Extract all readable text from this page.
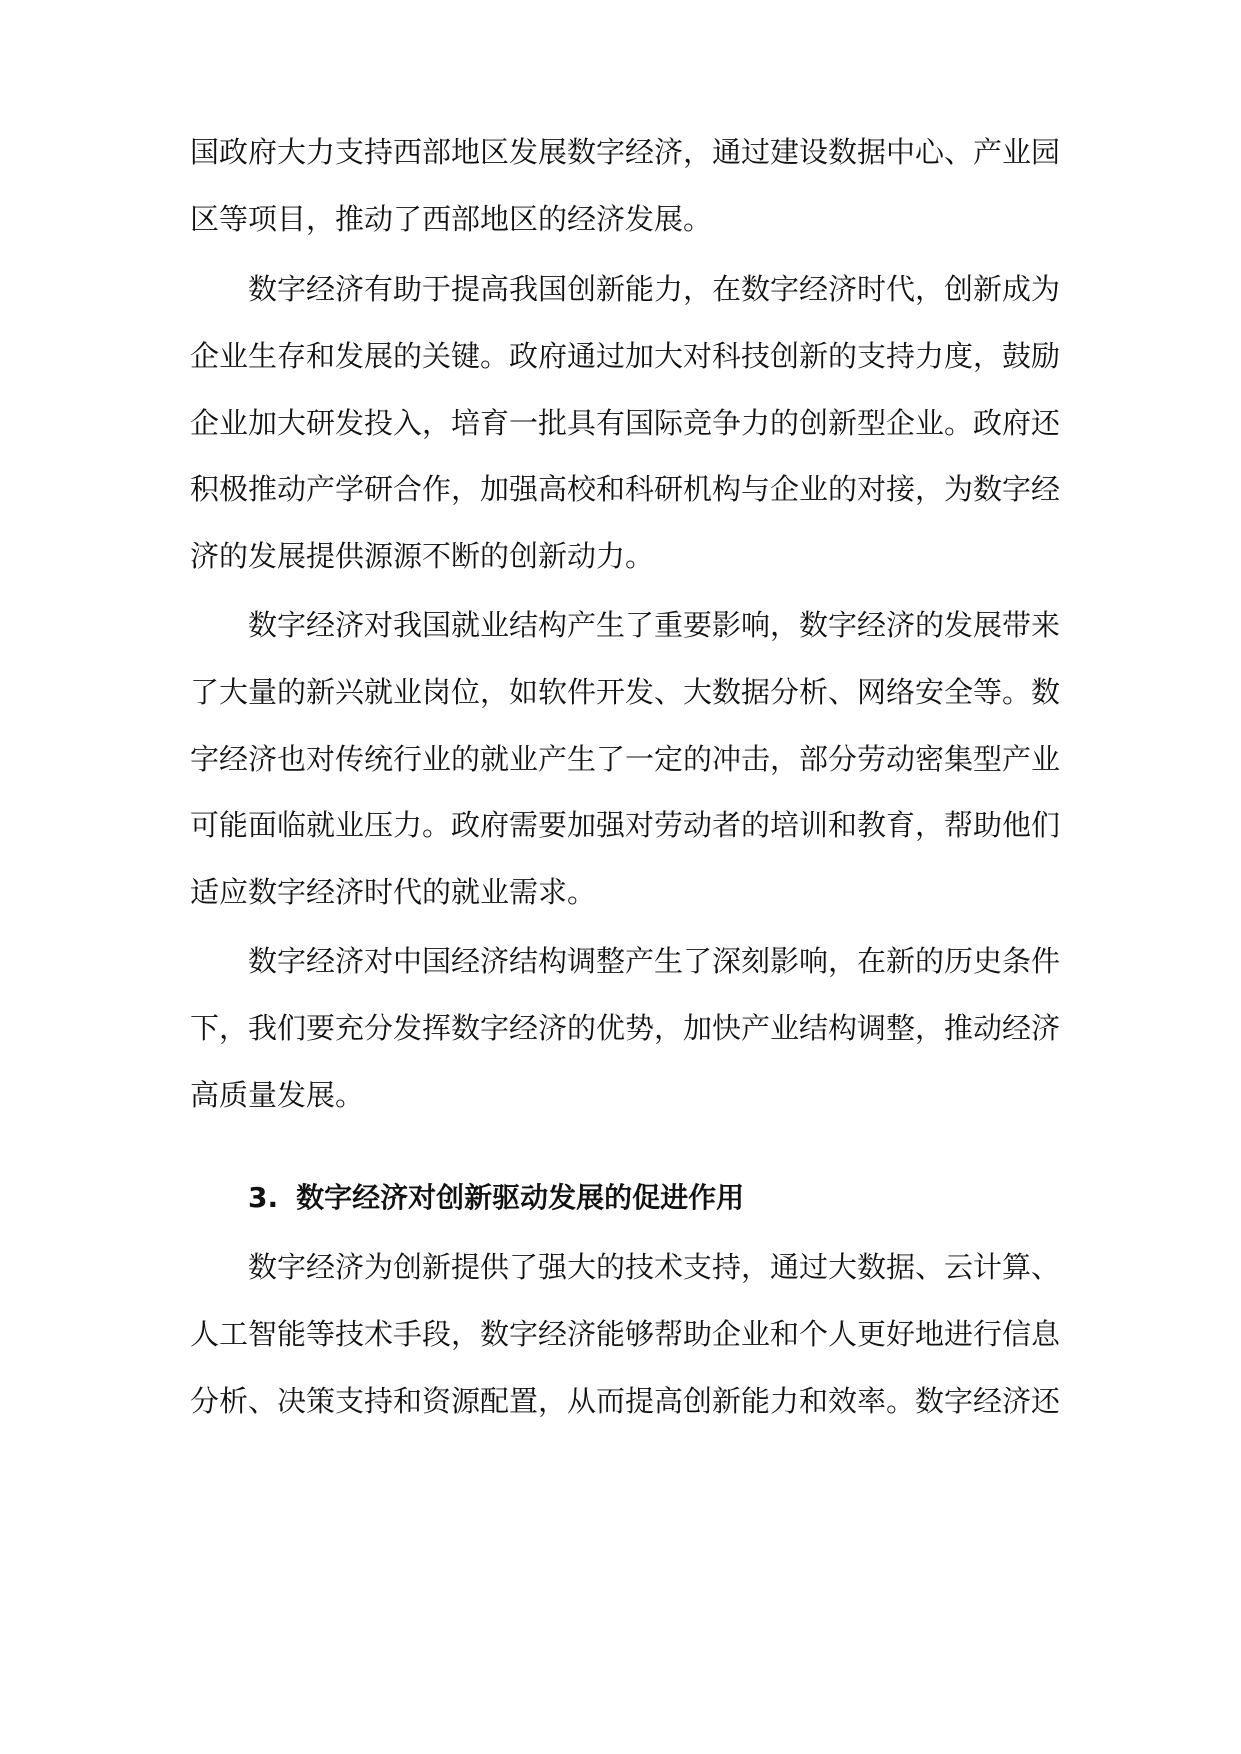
国政府大力支持西部地区发展数字经济，通过建设数据中心、产业园
区等项目，推动了西部地区的经济发展。
数字经济有助于提高我国创新能力，在数字经济时代，创新成为
企业生存和发展的关键。政府通过加大对科技创新的支持力度，鼓励
企业加大研发投入，培育一批具有国际竞争力的创新型企业。政府还
积极推动产学研合作，加强高校和科研机构与企业的对接，为数字经
济的发展提供源源不断的创新动力。
数字经济对我国就业结构产生了重要影响，数字经济的发展带来
了大量的新兴就业岗位，如软件开发、大数据分析、网络安全等。数
字经济也对传统行业的就业产生了一定的冲击，部分劳动密集型产业
可能面临就业压力。政府需要加强对劳动者的培训和教育，帮助他们
适应数字经济时代的就业需求。
数字经济对中国经济结构调整产生了深刻影响，在新的历史条件
下，我们要充分发挥数字经济的优势，加快产业结构调整，推动经济
高质量发展。
3. 数字经济对创新驱动发展的促进作用
数字经济为创新提供了强大的技术支持，通过大数据、云计算、
人工智能等技术手段，数字经济能够帮助企业和个人更好地进行信息
分析、决策支持和资源配置，从而提高创新能力和效率。数字经济还
